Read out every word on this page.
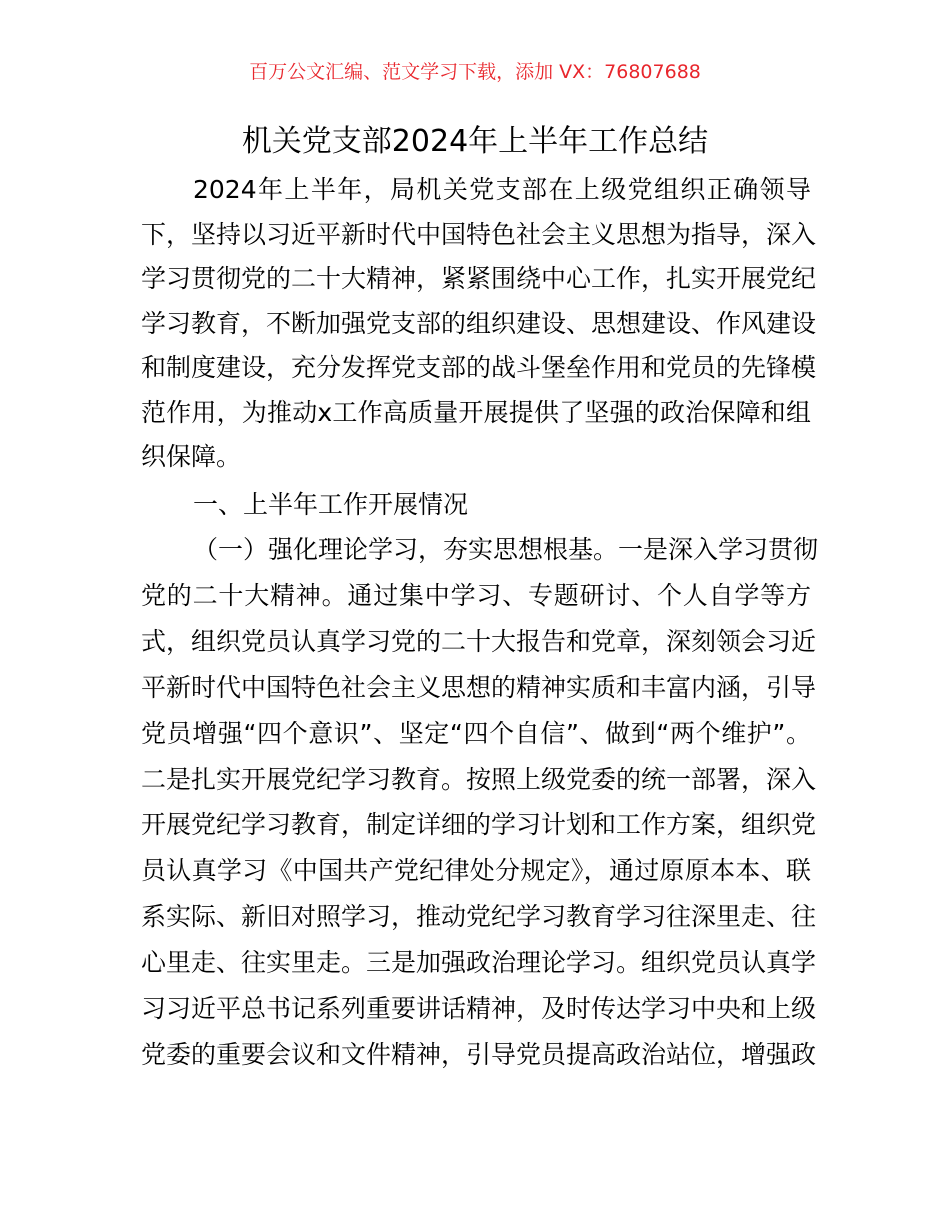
百万公文汇编、范文学习下载，添加 VX：76807688
机关党支部2024年上半年工作总结
2024年上半年，局机关党支部在上级党组织正确领导
下，坚持以习近平新时代中国特色社会主义思想为指导，深入
学习贯彻党的二十大精神，紧紧围绕中心工作，扎实开展党纪
学习教育，不断加强党支部的组织建设、思想建设、作风建设
和制度建设，充分发挥党支部的战斗堡垒作用和党员的先锋模
范作用，为推动x工作高质量开展提供了坚强的政治保障和组
织保障。
一、上半年工作开展情况
（一）强化理论学习，夯实思想根基。一是深入学习贯彻
党的二十大精神。通过集中学习、专题研讨、个人自学等方
式，组织党员认真学习党的二十大报告和党章，深刻领会习近
平新时代中国特色社会主义思想的精神实质和丰富内涵，引导
党员增强“四个意识”、坚定“四个自信”、做到“两个维护”。
二是扎实开展党纪学习教育。按照上级党委的统一部署，深入
开展党纪学习教育，制定详细的学习计划和工作方案，组织党
员认真学习《中国共产党纪律处分规定》，通过原原本本、联
系实际、新旧对照学习，推动党纪学习教育学习往深里走、往
心里走、往实里走。三是加强政治理论学习。组织党员认真学
习习近平总书记系列重要讲话精神，及时传达学习中央和上级
党委的重要会议和文件精神，引导党员提高政治站位，增强政
